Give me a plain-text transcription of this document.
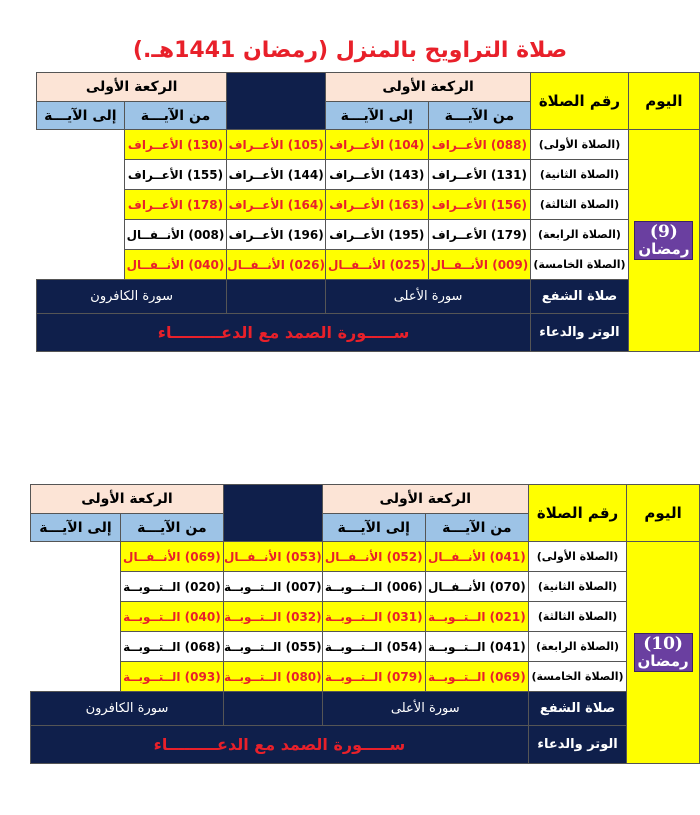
صلاة التراويح بالمنزل (رمضان 1441هـ.)
اليوم	رقم الصلاة	الركعة الأولى			الركعة الأولى	
		من الآيـــة	إلى الآيـــة		من الآيـــة	إلى الآيـــة

(9)
رمضان	(الصلاة الأولى)	(088) الأعــراف	(104) الأعــراف	(105) الأعــراف	(130) الأعــراف	
	(الصلاة الثانية)	(131) الأعــراف	(143) الأعــراف	(144) الأعــراف	(155) الأعــراف	
	(الصلاة الثالثة)	(156) الأعــراف	(163) الأعــراف	(164) الأعــراف	(178) الأعــراف	
	(الصلاة الرابعة)	(179) الأعــراف	(195) الأعــراف	(196) الأعــراف	(008) الأنــفــال	
	(الصلاة الخامسة)	(009) الأنــفــال	(025) الأنــفــال	(026) الأنــفــال	(040) الأنــفــال	
	صلاة الشفع	سورة الأعلى			سورة الكافرون	
	الوتر والدعاء	ســـــورة الصمد مع الدعـــــــــاء				
اليوم	رقم الصلاة	الركعة الأولى			الركعة الأولى	
		من الآيـــة	إلى الآيـــة		من الآيـــة	إلى الآيـــة

(10)
رمضان	(الصلاة الأولى)	(041) الأنــفــال	(052) الأنــفــال	(053) الأنــفــال	(069) الأنــفــال	
	(الصلاة الثانية)	(070) الأنــفــال	(006) الــتــوبــة	(007) الــتــوبــة	(020) الــتــوبــة	
	(الصلاة الثالثة)	(021) الــتــوبــة	(031) الــتــوبــة	(032) الــتــوبــة	(040) الــتــوبــة	
	(الصلاة الرابعة)	(041) الــتــوبــة	(054) الــتــوبــة	(055) الــتــوبــة	(068) الــتــوبــة	
	(الصلاة الخامسة)	(069) الــتــوبــة	(079) الــتــوبــة	(080) الــتــوبــة	(093) الــتــوبــة	
	صلاة الشفع	سورة الأعلى			سورة الكافرون	
	الوتر والدعاء	ســـــورة الصمد مع الدعـــــــــاء				
